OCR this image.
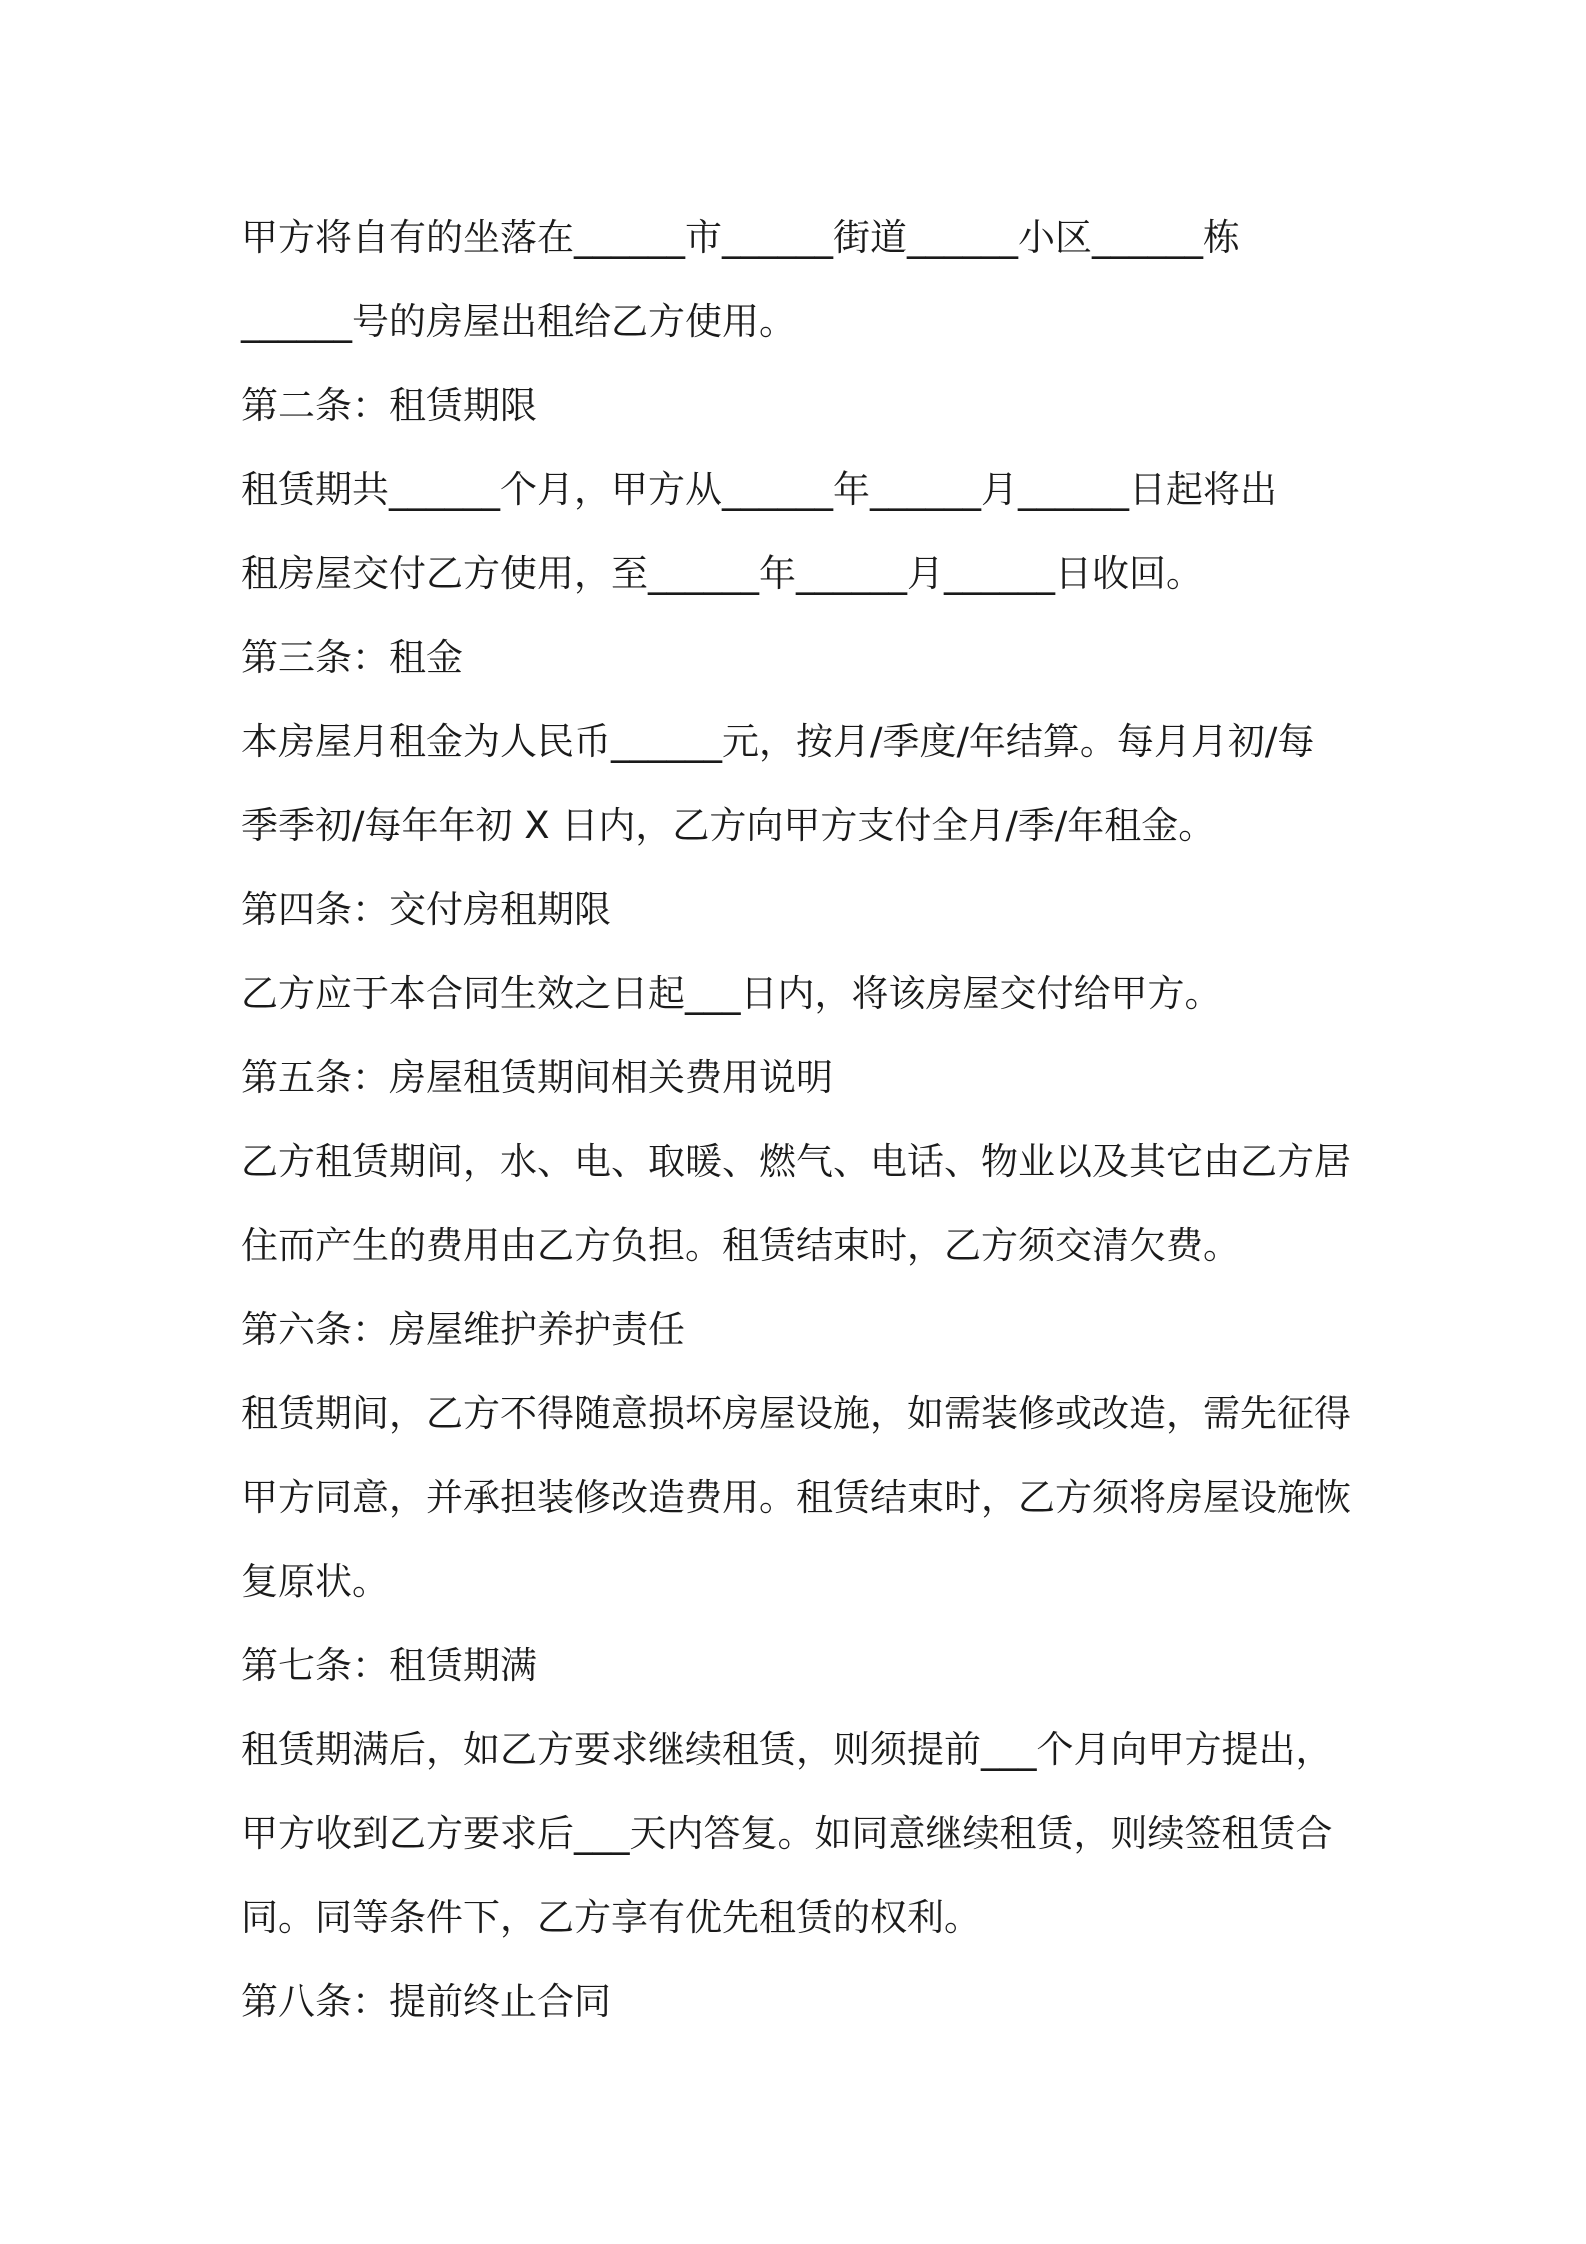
甲方将自有的坐落在______市______街道______小区______栋
______号的房屋出租给乙方使用。
第二条：租赁期限
租赁期共______个月，甲方从______年______月______日起将出
租房屋交付乙方使用，至______年______月______日收回。
第三条：租金
本房屋月租金为人民币______元，按月/季度/年结算。每月月初/每
季季初/每年年初 X 日内，乙方向甲方支付全月/季/年租金。
第四条：交付房租期限
乙方应于本合同生效之日起___日内，将该房屋交付给甲方。
第五条：房屋租赁期间相关费用说明
乙方租赁期间，水、电、取暖、燃气、电话、物业以及其它由乙方居
住而产生的费用由乙方负担。租赁结束时，乙方须交清欠费。
第六条：房屋维护养护责任
租赁期间，乙方不得随意损坏房屋设施，如需装修或改造，需先征得
甲方同意，并承担装修改造费用。租赁结束时，乙方须将房屋设施恢
复原状。
第七条：租赁期满
租赁期满后，如乙方要求继续租赁，则须提前___个月向甲方提出，
甲方收到乙方要求后___天内答复。如同意继续租赁，则续签租赁合
同。同等条件下，乙方享有优先租赁的权利。
第八条：提前终止合同
